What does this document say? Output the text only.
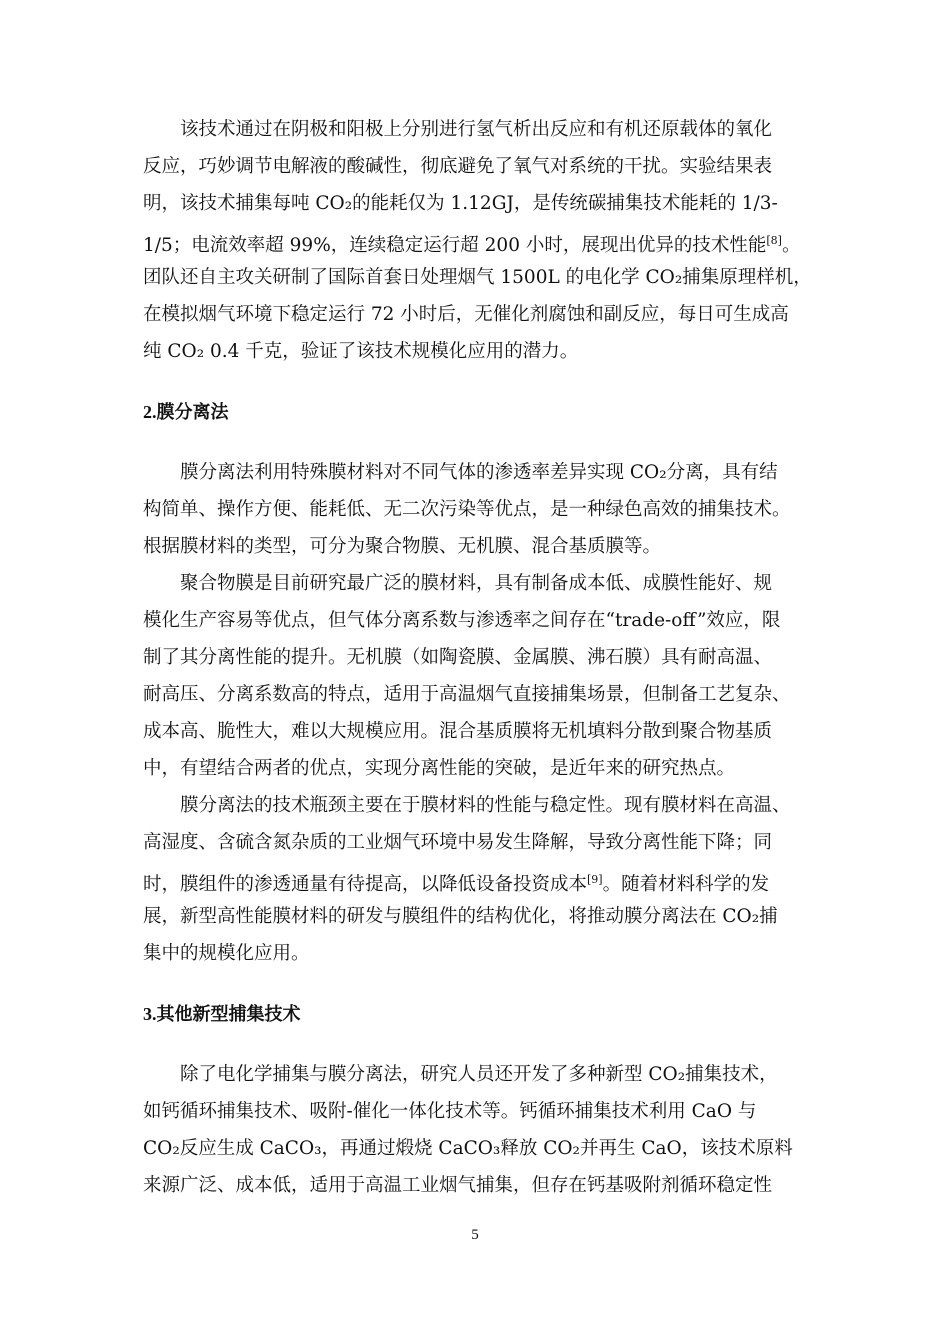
　　该技术通过在阴极和阳极上分别进行氢气析出反应和有机还原载体的氧化
反应，巧妙调节电解液的酸碱性，彻底避免了氧气对系统的干扰。实验结果表
明，该技术捕集每吨 CO₂的能耗仅为 1.12GJ，是传统碳捕集技术能耗的 1/3-
1/5；电流效率超 99%，连续稳定运行超 200 小时，展现出优异的技术性能[8]。
团队还自主攻关研制了国际首套日处理烟气 1500L 的电化学 CO₂捕集原理样机，
在模拟烟气环境下稳定运行 72 小时后，无催化剂腐蚀和副反应，每日可生成高
纯 CO₂ 0.4 千克，验证了该技术规模化应用的潜力。
2.膜分离法
　　膜分离法利用特殊膜材料对不同气体的渗透率差异实现 CO₂分离，具有结
构简单、操作方便、能耗低、无二次污染等优点，是一种绿色高效的捕集技术。
根据膜材料的类型，可分为聚合物膜、无机膜、混合基质膜等。
　　聚合物膜是目前研究最广泛的膜材料，具有制备成本低、成膜性能好、规
模化生产容易等优点，但气体分离系数与渗透率之间存在“trade-off”效应，限
制了其分离性能的提升。无机膜（如陶瓷膜、金属膜、沸石膜）具有耐高温、
耐高压、分离系数高的特点，适用于高温烟气直接捕集场景，但制备工艺复杂、
成本高、脆性大，难以大规模应用。混合基质膜将无机填料分散到聚合物基质
中，有望结合两者的优点，实现分离性能的突破，是近年来的研究热点。
　　膜分离法的技术瓶颈主要在于膜材料的性能与稳定性。现有膜材料在高温、
高湿度、含硫含氮杂质的工业烟气环境中易发生降解，导致分离性能下降；同
时，膜组件的渗透通量有待提高，以降低设备投资成本[9]。随着材料科学的发
展，新型高性能膜材料的研发与膜组件的结构优化，将推动膜分离法在 CO₂捕
集中的规模化应用。
3.其他新型捕集技术
　　除了电化学捕集与膜分离法，研究人员还开发了多种新型 CO₂捕集技术，
如钙循环捕集技术、吸附-催化一体化技术等。钙循环捕集技术利用 CaO 与
CO₂反应生成 CaCO₃，再通过煅烧 CaCO₃释放 CO₂并再生 CaO，该技术原料
来源广泛、成本低，适用于高温工业烟气捕集，但存在钙基吸附剂循环稳定性
5
